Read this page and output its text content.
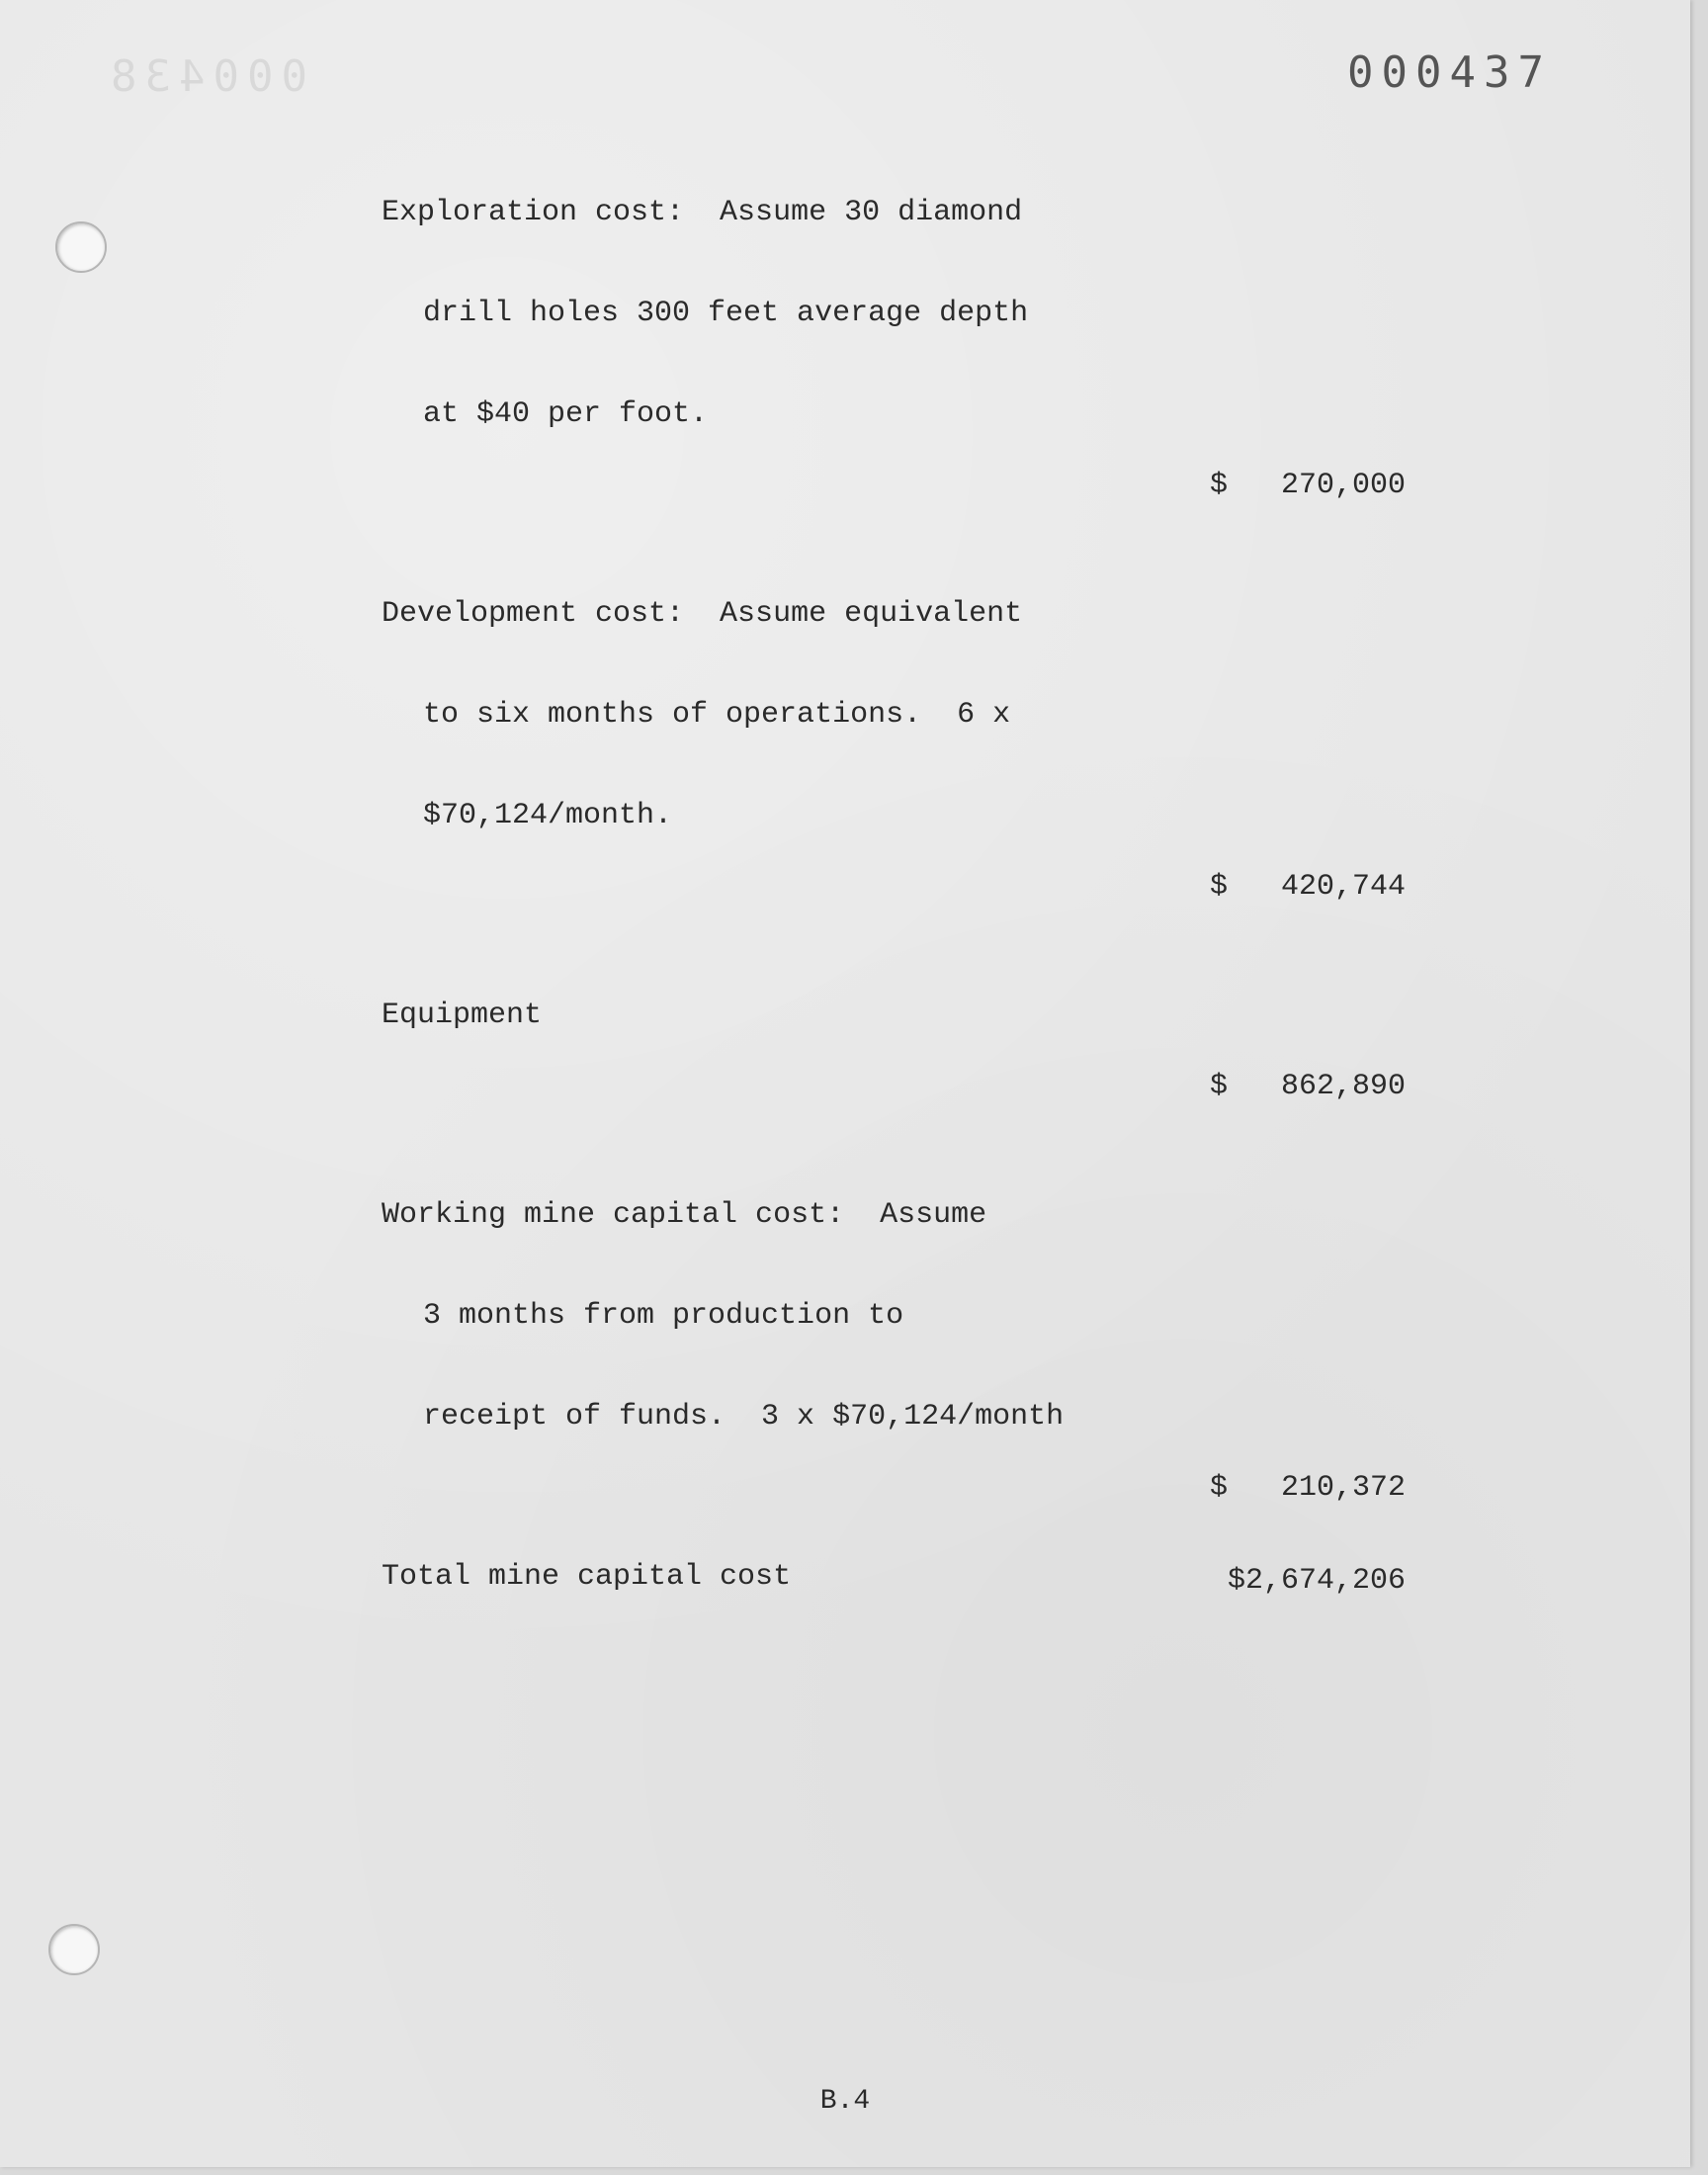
000438	000437

Exploration cost:  Assume 30 diamond

drill holes 300 feet average depth

at $40 per foot.

$   270,000

Development cost:  Assume equivalent

to six months of operations.  6 x

$70,124/month.

$   420,744

Equipment

$   862,890

Working mine capital cost:  Assume

3 months from production to

receipt of funds.  3 x $70,124/month

$   210,372
Total mine capital cost	$2,674,206
B.4
